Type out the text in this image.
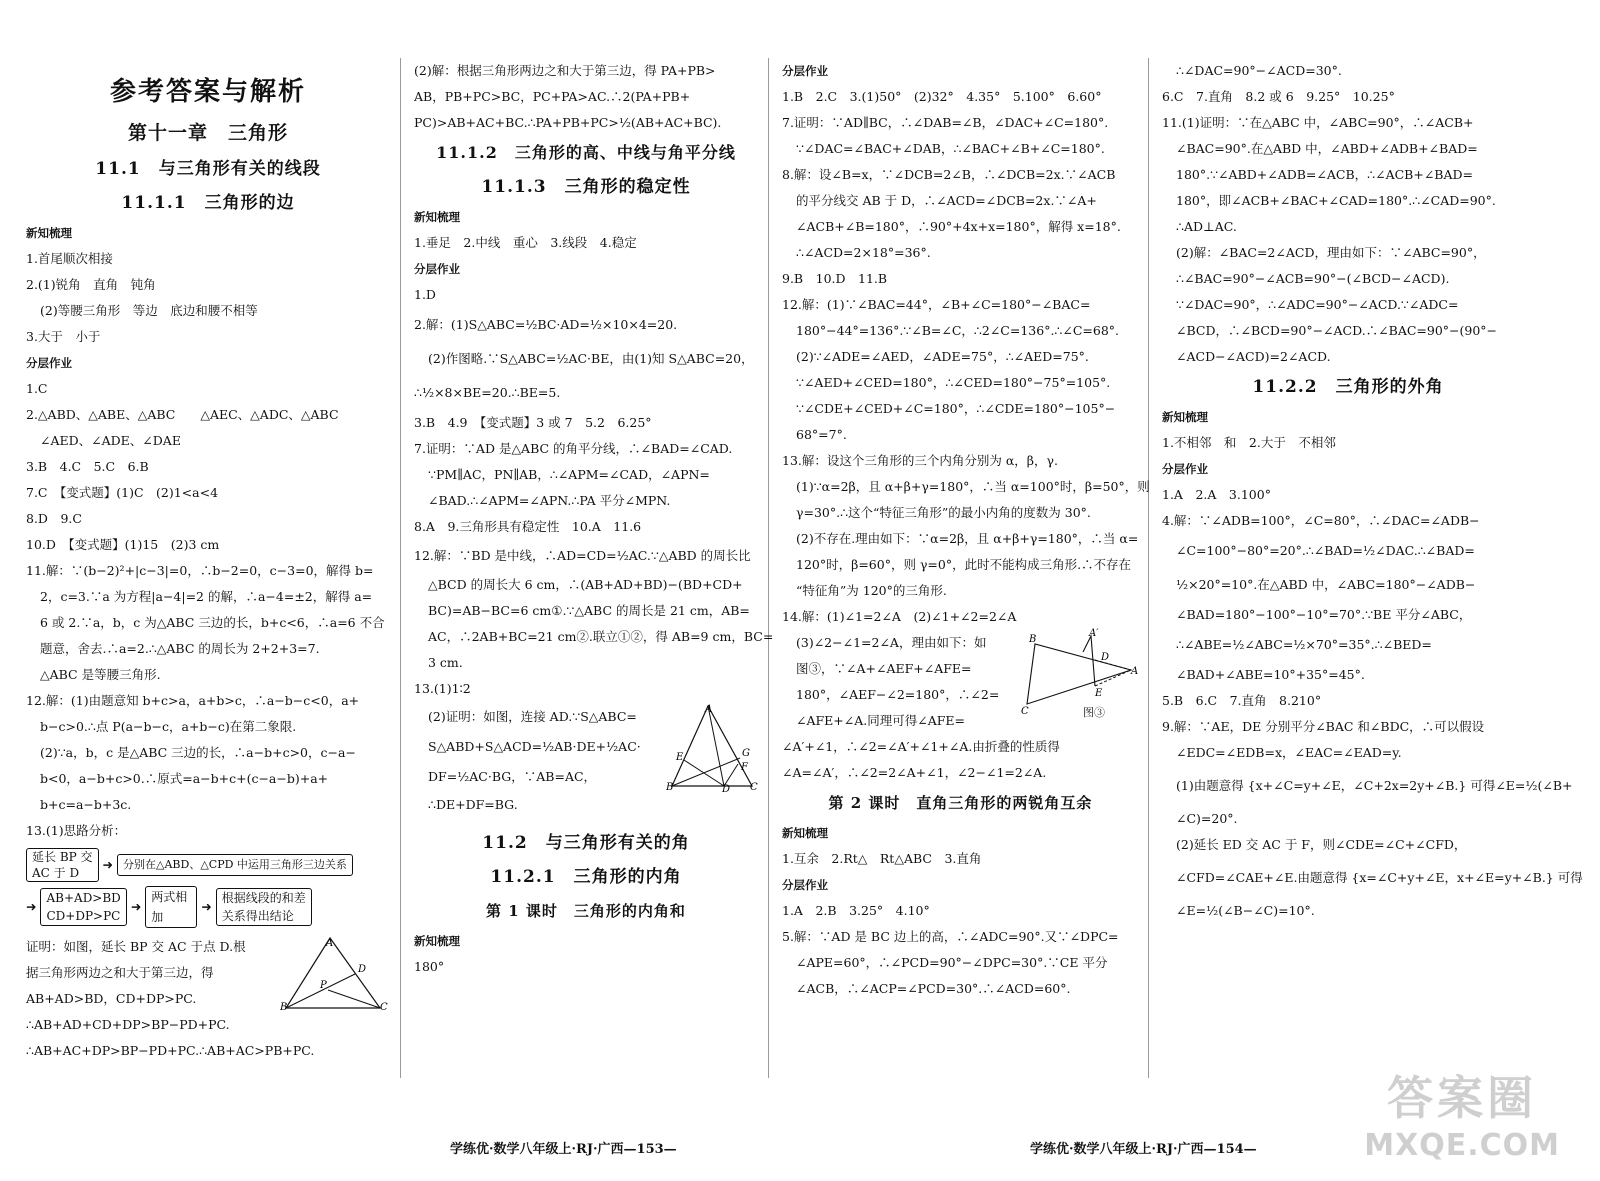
参考答案与解析
第十一章　三角形
11.1　与三角形有关的线段
11.1.1　三角形的边
新知梳理
1.首尾顺次相接
2.(1)锐角　直角　钝角
(2)等腰三角形　等边　底边和腰不相等
3.大于　小于
分层作业
1.C
2.△ABD、△ABE、△ABC　　△AEC、△ADC、△ABC
∠AED、∠ADE、∠DAE
3.B　4.C　5.C　6.B
7.C　【变式题】(1)C　(2)1<a<4
8.D　9.C
10.D　【变式题】(1)15　(2)3 cm
11.解：∵(b−2)²+|c−3|=0，∴b−2=0，c−3=0，解得 b=
2，c=3.∵a 为方程|a−4|=2 的解，∴a−4=±2，解得 a=
6 或 2.∵a，b，c 为△ABC 三边的长，b+c<6，∴a=6 不合
题意，舍去.∴a=2.∴△ABC 的周长为 2+2+3=7.
△ABC 是等腰三角形.
12.解：(1)由题意知 b+c>a，a+b>c，∴a−b−c<0，a+
b−c>0.∴点 P(a−b−c，a+b−c)在第二象限.
(2)∵a，b，c 是△ABC 三边的长，∴a−b+c>0，c−a−
b<0，a−b+c>0.∴原式=a−b+c+(c−a−b)+a+
b+c=a−b+3c.
13.(1)思路分析：
延长 BP 交
AC 于 D
➜ 分别在△ABD、△CPD 中运用三角形三边关系
➜
AB+AD>BD
CD+DP>PC
➜
两式相加
➜
根据线段的和差
关系得出结论
证明：如图，延长 BP 交 AC 于点 D.根
据三角形两边之和大于第三边，得
AB+AD>BD，CD+DP>PC.
A
B	C
D
P
∴AB+AD+CD+DP>BP−PD+PC.
∴AB+AC+DP>BP−PD+PC.∴AB+AC>PB+PC.
(2)解：根据三角形两边之和大于第三边，得 PA+PB>
AB，PB+PC>BC，PC+PA>AC.∴2(PA+PB+
PC)>AB+AC+BC.∴PA+PB+PC>½(AB+AC+BC).
11.1.2　三角形的高、中线与角平分线
11.1.3　三角形的稳定性
新知梳理
1.垂足　2.中线　重心　3.线段　4.稳定
分层作业
1.D
2.解：(1)S△ABC=½BC·AD=½×10×4=20.
(2)作图略.∵S△ABC=½AC·BE，由(1)知 S△ABC=20，
∴½×8×BE=20.∴BE=5.
3.B　4.9　【变式题】3 或 7　5.2　6.25°
7.证明：∵AD 是△ABC 的角平分线，∴∠BAD=∠CAD.
∵PM∥AC，PN∥AB，∴∠APM=∠CAD，∠APN=
∠BAD.∴∠APM=∠APN.∴PA 平分∠MPN.
8.A　9.三角形具有稳定性　10.A　11.6
12.解：∵BD 是中线，∴AD=CD=½AC.∵△ABD 的周长比
△BCD 的周长大 6 cm，∴(AB+AD+BD)−(BD+CD+
BC)=AB−BC=6 cm①.∵△ABC 的周长是 21 cm，AB=
AC，∴2AB+BC=21 cm②.联立①②，得 AB=9 cm，BC=
3 cm.
13.(1)1∶2
(2)证明：如图，连接 AD.∵S△ABC=
S△ABD+S△ACD=½AB·DE+½AC·
DF=½AC·BG，∵AB=AC，
A
B	C
D
E
F
G
∴DE+DF=BG.
11.2　与三角形有关的角
11.2.1　三角形的内角
第 1 课时　三角形的内角和
新知梳理
180°
分层作业
1.B　2.C　3.(1)50°　(2)32°　4.35°　5.100°　6.60°
7.证明：∵AD∥BC，∴∠DAB=∠B，∠DAC+∠C=180°.
∵∠DAC=∠BAC+∠DAB，∴∠BAC+∠B+∠C=180°.
8.解：设∠B=x，∵∠DCB=2∠B，∴∠DCB=2x.∵∠ACB
的平分线交 AB 于 D，∴∠ACD=∠DCB=2x.∵∠A+
∠ACB+∠B=180°，∴90°+4x+x=180°，解得 x=18°.
∴∠ACD=2×18°=36°.
9.B　10.D　11.B
12.解：(1)∵∠BAC=44°，∠B+∠C=180°−∠BAC=
180°−44°=136°.∵∠B=∠C，∴2∠C=136°.∴∠C=68°.
(2)∵∠ADE=∠AED，∠ADE=75°，∴∠AED=75°.
∵∠AED+∠CED=180°，∴∠CED=180°−75°=105°.
∵∠CDE+∠CED+∠C=180°，∴∠CDE=180°−105°−
68°=7°.
13.解：设这个三角形的三个内角分别为 α，β，γ.
(1)∵α=2β，且 α+β+γ=180°，∴当 α=100°时，β=50°，则
γ=30°.∴这个“特征三角形”的最小内角的度数为 30°.
(2)不存在.理由如下：∵α=2β，且 α+β+γ=180°，∴当 α=
120°时，β=60°，则 γ=0°，此时不能构成三角形.∴不存在
“特征角”为 120°的三角形.
14.解：(1)∠1=2∠A　(2)∠1+∠2=2∠A
(3)∠2−∠1=2∠A，理由如下：如
图③，∵∠A+∠AEF+∠AFE=
180°，∠AEF−∠2=180°，∴∠2=
∠AFE+∠A.同理可得∠AFE=
B
C
A′
A
D
E
图③
∠A′+∠1，∴∠2=∠A′+∠1+∠A.由折叠的性质得
∠A=∠A′，∴∠2=2∠A+∠1，∠2−∠1=2∠A.
第 2 课时　直角三角形的两锐角互余
新知梳理
1.互余　2.Rt△　Rt△ABC　3.直角
分层作业
1.A　2.B　3.25°　4.10°
5.解：∵AD 是 BC 边上的高，∴∠ADC=90°.又∵∠DPC=
∠APE=60°，∴∠PCD=90°−∠DPC=30°.∵CE 平分
∠ACB，∴∠ACP=∠PCD=30°.∴∠ACD=60°.
∴∠DAC=90°−∠ACD=30°.
6.C　7.直角　8.2 或 6　9.25°　10.25°
11.(1)证明：∵在△ABC 中，∠ABC=90°，∴∠ACB+
∠BAC=90°.在△ABD 中，∠ABD+∠ADB+∠BAD=
180°.∵∠ABD+∠ADB=∠ACB，∴∠ACB+∠BAD=
180°，即∠ACB+∠BAC+∠CAD=180°.∴∠CAD=90°.
∴AD⊥AC.
(2)解：∠BAC=2∠ACD，理由如下：∵∠ABC=90°，
∴∠BAC=90°−∠ACB=90°−(∠BCD−∠ACD).
∵∠DAC=90°，∴∠ADC=90°−∠ACD.∵∠ADC=
∠BCD，∴∠BCD=90°−∠ACD.∴∠BAC=90°−(90°−
∠ACD−∠ACD)=2∠ACD.
11.2.2　三角形的外角
新知梳理
1.不相邻　和　2.大于　不相邻
分层作业
1.A　2.A　3.100°
4.解：∵∠ADB=100°，∠C=80°，∴∠DAC=∠ADB−
∠C=100°−80°=20°.∴∠BAD=½∠DAC.∴∠BAD=
½×20°=10°.在△ABD 中，∠ABC=180°−∠ADB−
∠BAD=180°−100°−10°=70°.∵BE 平分∠ABC，
∴∠ABE=½∠ABC=½×70°=35°.∴∠BED=
∠BAD+∠ABE=10°+35°=45°.
5.B　6.C　7.直角　8.210°
9.解：∵AE，DE 分别平分∠BAC 和∠BDC，∴可以假设
∠EDC=∠EDB=x，∠EAC=∠EAD=y.
(1)由题意得 {x+∠C=y+∠E，∠C+2x=2y+∠B.} 可得∠E=½(∠B+
∠C)=20°.
(2)延长 ED 交 AC 于 F，则∠CDE=∠C+∠CFD，
∠CFD=∠CAE+∠E.由题意得 {x=∠C+y+∠E，x+∠E=y+∠B.} 可得
∠E=½(∠B−∠C)=10°.
学练优·数学八年级上·RJ·广西—153—	学练优·数学八年级上·RJ·广西—154—
答案圈
MXQE.COM
